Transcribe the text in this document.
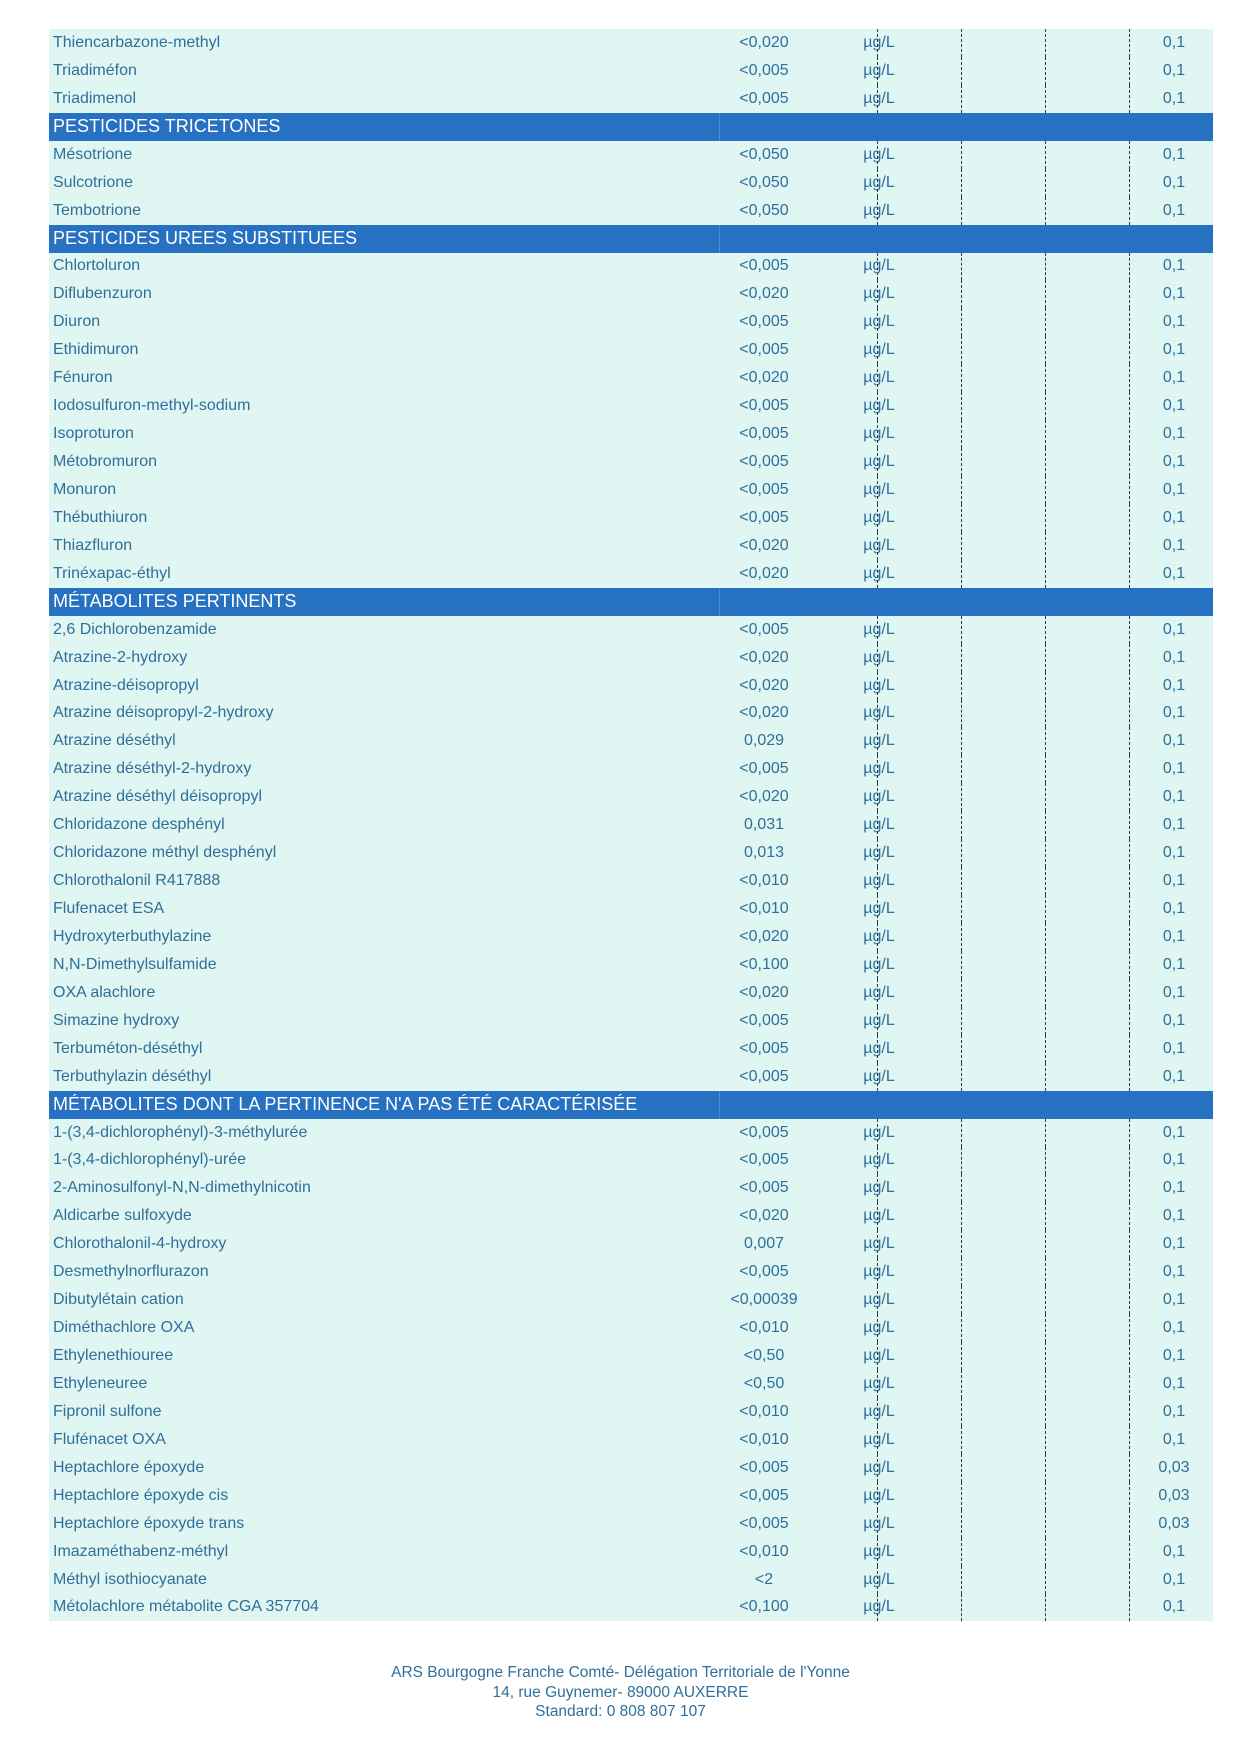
Thiencarbazone-methyl	<0,020	µg/L	0,1
Triadiméfon	<0,005	µg/L	0,1
Triadimenol	<0,005	µg/L	0,1
PESTICIDES TRICETONES
Mésotrione	<0,050	µg/L	0,1
Sulcotrione	<0,050	µg/L	0,1
Tembotrione	<0,050	µg/L	0,1
PESTICIDES UREES SUBSTITUEES
Chlortoluron	<0,005	µg/L	0,1
Diflubenzuron	<0,020	µg/L	0,1
Diuron	<0,005	µg/L	0,1
Ethidimuron	<0,005	µg/L	0,1
Fénuron	<0,020	µg/L	0,1
Iodosulfuron-methyl-sodium	<0,005	µg/L	0,1
Isoproturon	<0,005	µg/L	0,1
Métobromuron	<0,005	µg/L	0,1
Monuron	<0,005	µg/L	0,1
Thébuthiuron	<0,005	µg/L	0,1
Thiazfluron	<0,020	µg/L	0,1
Trinéxapac-éthyl	<0,020	µg/L	0,1
MÉTABOLITES PERTINENTS
2,6 Dichlorobenzamide	<0,005	µg/L	0,1
Atrazine-2-hydroxy	<0,020	µg/L	0,1
Atrazine-déisopropyl	<0,020	µg/L	0,1
Atrazine déisopropyl-2-hydroxy	<0,020	µg/L	0,1
Atrazine déséthyl	0,029	µg/L	0,1
Atrazine déséthyl-2-hydroxy	<0,005	µg/L	0,1
Atrazine déséthyl déisopropyl	<0,020	µg/L	0,1
Chloridazone desphényl	0,031	µg/L	0,1
Chloridazone méthyl desphényl	0,013	µg/L	0,1
Chlorothalonil R417888	<0,010	µg/L	0,1
Flufenacet ESA	<0,010	µg/L	0,1
Hydroxyterbuthylazine	<0,020	µg/L	0,1
N,N-Dimethylsulfamide	<0,100	µg/L	0,1
OXA alachlore	<0,020	µg/L	0,1
Simazine hydroxy	<0,005	µg/L	0,1
Terbuméton-déséthyl	<0,005	µg/L	0,1
Terbuthylazin déséthyl	<0,005	µg/L	0,1
MÉTABOLITES DONT LA PERTINENCE N'A PAS ÉTÉ CARACTÉRISÉE
1-(3,4-dichlorophényl)-3-méthylurée	<0,005	µg/L	0,1
1-(3,4-dichlorophényl)-urée	<0,005	µg/L	0,1
2-Aminosulfonyl-N,N-dimethylnicotin	<0,005	µg/L	0,1
Aldicarbe sulfoxyde	<0,020	µg/L	0,1
Chlorothalonil-4-hydroxy	0,007	µg/L	0,1
Desmethylnorflurazon	<0,005	µg/L	0,1
Dibutylétain cation	<0,00039	µg/L	0,1
Diméthachlore OXA	<0,010	µg/L	0,1
Ethylenethiouree	<0,50	µg/L	0,1
Ethyleneuree	<0,50	µg/L	0,1
Fipronil sulfone	<0,010	µg/L	0,1
Flufénacet OXA	<0,010	µg/L	0,1
Heptachlore époxyde	<0,005	µg/L	0,03
Heptachlore époxyde cis	<0,005	µg/L	0,03
Heptachlore époxyde trans	<0,005	µg/L	0,03
Imazaméthabenz-méthyl	<0,010	µg/L	0,1
Méthyl isothiocyanate	<2	µg/L	0,1
Métolachlore métabolite CGA 357704	<0,100	µg/L	0,1
ARS Bourgogne Franche Comté- Délégation Territoriale de l'Yonne
14, rue Guynemer- 89000 AUXERRE
Standard: 0 808 807 107
